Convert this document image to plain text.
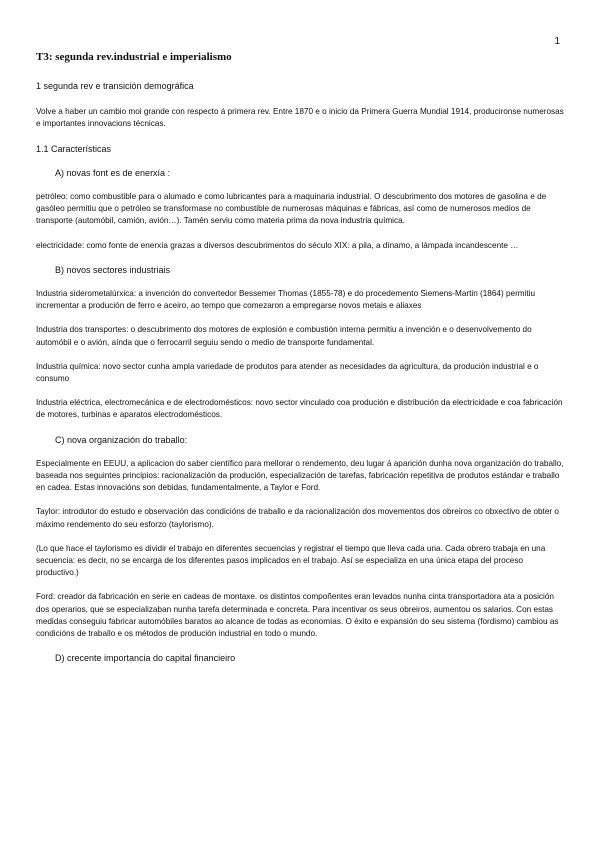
1
T3: segunda rev.industrial e imperialismo

1 segunda rev e transición demográfica

Volve a haber un cambio moi grande con respecto á primera rev. Entre 1870 e o inicio da Primera Guerra Mundial 1914, producironse numerosas e importantes innovacions técnicas.

1.1 Características

A) novas font es de enerxía :

petróleo: como combustible para o alumado e como lubricantes para a maquinaria industrial. O descubrimento dos motores de gasolina e de gasóleo permitiu que o petróleo se transformase no combustible de numerosas máquinas e fábricas, así como de numerosos medios de transporte (automóbil, camión, avión…). Tamén serviu como materia prima da nova industria química.

electricidade: como fonte de enerxía grazas a diversos descubrimentos do século XIX: a pila, a dínamo, a lámpada incandescente …

B) novos sectores industriais

Industria siderometalúrxica: a invención do convertedor Bessemer Thomas (1855-78) e do procedemento Siemens-Martin (1864) permitiu incrementar a produción de ferro e aceiro, ao tempo que comezaron a empregarse novos metais e aliaxes

Industria dos transportes: o descubrimento dos motores de explosión e combustión interna permitiu a invención e o desenvolvemento do automóbil e o avión, aínda que o ferrocarril seguiu sendo o medio de transporte fundamental.

Industria química: novo sector cunha ampla variedade de produtos para atender as necesidades da agricultura, da produción industrial e o consumo

Industria eléctrica, electromecánica e de electrodomésticos: novo sector vinculado coa produción e distribución da electricidade e coa fabricación de motores, turbinas e aparatos electrodomésticos.

C) nova organización do traballo:

Especialmente en EEUU, a aplicacion do saber científico para mellorar o rendemento, deu lugar á aparición dunha nova organización do traballo, baseada nos seguintes principios: racionalización da produción, especialización de tarefas, fabricación repetitiva de produtos estándar e traballo en cadea. Estas innovacións son debidas, fundamentalmente, a Taylor e Ford.

Taylor: introdutor do estudo e observación das condicións de traballo e da racionalización dos movementos dos obreiros co obxectivo de obter o máximo rendemento do seu esforzo (taylorismo).

(Lo que hace el taylorismo es dividir el trabajo en diferentes secuencias y registrar el tiempo que lleva cada una. Cada obrero trabaja en una secuencia: es decir, no se encarga de los diferentes pasos implicados en el trabajo. Así se especializa en una única etapa del proceso productivo.)

Ford: creador da fabricación en serie en cadeas de montaxe. os distintos compoñentes eran levados nunha cinta transportadora ata a posición dos operarios, que se especializaban nunha tarefa determinada e concreta. Para incentivar os seus obreiros, aumentou os salarios. Con estas medidas conseguiu fabricar automóbiles baratos ao alcance de todas as economías. O éxito e expansión do seu sistema (fordismo) cambiou as condicións de traballo e os métodos de produción industrial en todo o mundo.

D) crecente importancia do capital financieiro
